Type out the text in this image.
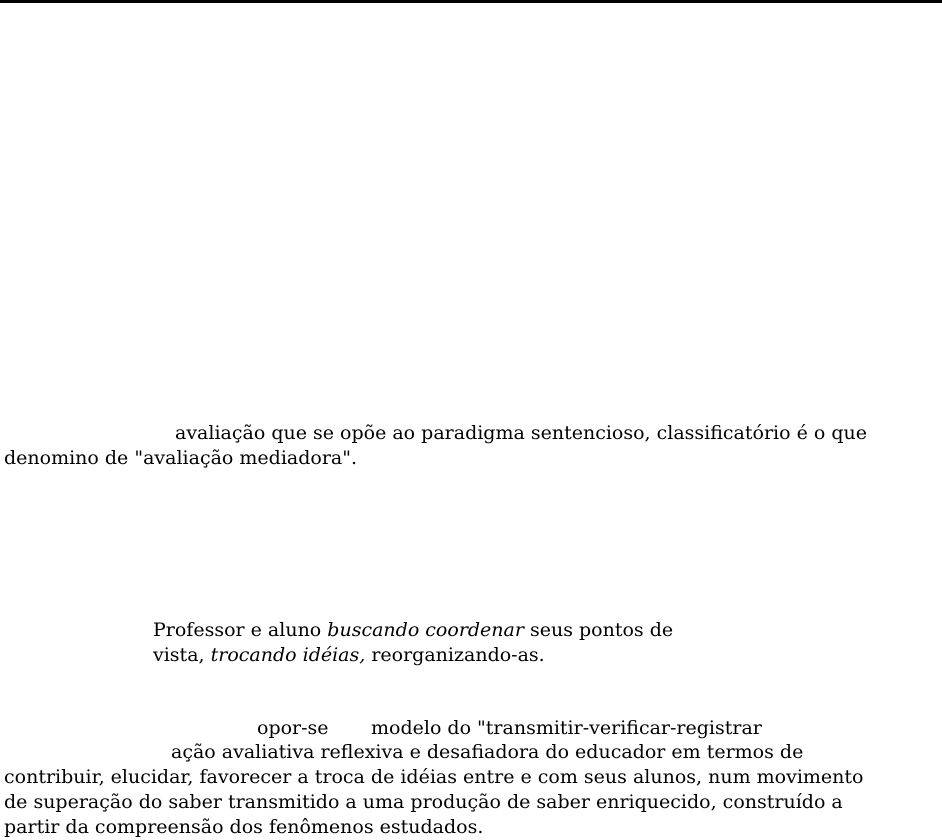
avaliação que se opõe ao paradigma sentencioso, classificatório é o que
denomino de "avaliação mediadora".
Professor e aluno buscando coordenar seus pontos de
vista, trocando idéias, reorganizando-as.
opor-se modelo do "transmitir-verificar-registrar
ação avaliativa reflexiva e desafiadora do educador em termos de
contribuir, elucidar, favorecer a troca de idéias entre e com seus alunos, num movimento
de superação do saber transmitido a uma produção de saber enriquecido, construído a
partir da compreensão dos fenômenos estudados.
